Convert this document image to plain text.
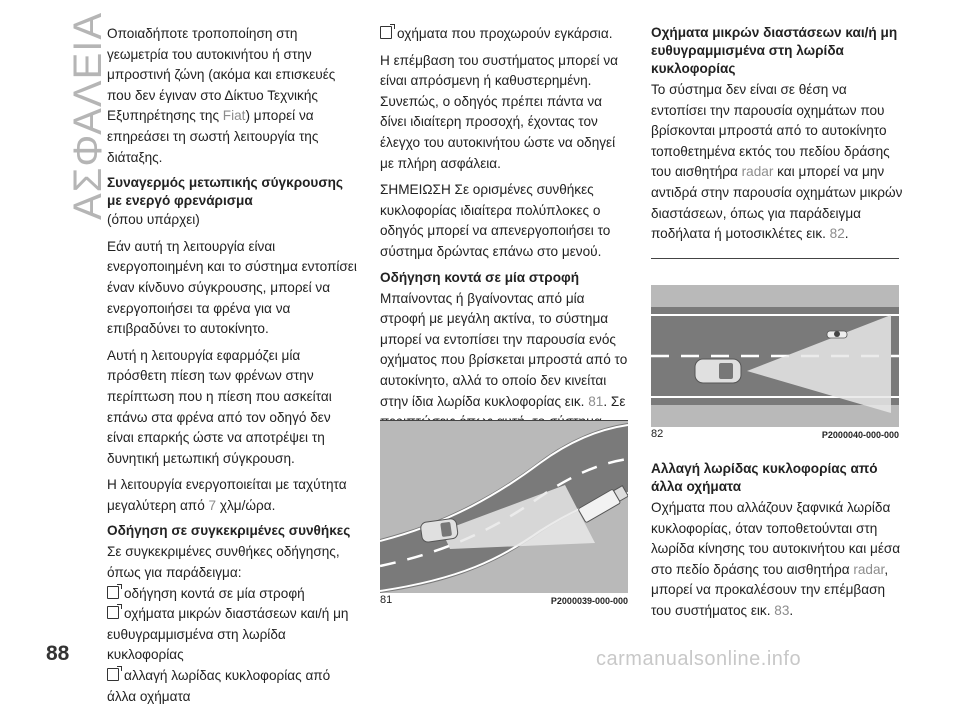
ΑΣΦΑΛΕΙΑ

Οποιαδήποτε τροποποίηση στη γεωμετρία του αυτοκινήτου ή στην μπροστινή ζώνη (ακόμα και επισκευές που δεν έγιναν στο Δίκτυο Τεχνικής Εξυπηρέτησης της Fiat) μπορεί να επηρεάσει τη σωστή λειτουργία της διάταξης.

Συναγερμός μετωπικής σύγκρουσης με ενεργό φρενάρισμα

(όπου υπάρχει)

Εάν αυτή τη λειτουργία είναι ενεργοποιημένη και το σύστημα εντοπίσει έναν κίνδυνο σύγκρουσης, μπορεί να ενεργοποιήσει τα φρένα για να επιβραδύνει το αυτοκίνητο.

Αυτή η λειτουργία εφαρμόζει μία πρόσθετη πίεση των φρένων στην περίπτωση που η πίεση που ασκείται επάνω στα φρένα από τον οδηγό δεν είναι επαρκής ώστε να αποτρέψει τη δυνητική μετωπική σύγκρουση.

Η λειτουργία ενεργοποιείται με ταχύτητα μεγαλύτερη από 7 χλμ/ώρα.

Οδήγηση σε συγκεκριμένες συνθήκες

Σε συγκεκριμένες συνθήκες οδήγησης, όπως για παράδειγμα:

οδήγηση κοντά σε μία στροφή
οχήματα μικρών διαστάσεων και/ή μη ευθυγραμμισμένα στη λωρίδα κυκλοφορίας
αλλαγή λωρίδας κυκλοφορίας από άλλα οχήματα
οχήματα που προχωρούν εγκάρσια.

Η επέμβαση του συστήματος μπορεί να είναι απρόσμενη ή καθυστερημένη. Συνεπώς, ο οδηγός πρέπει πάντα να δίνει ιδιαίτερη προσοχή, έχοντας τον έλεγχο του αυτοκινήτου ώστε να οδηγεί με πλήρη ασφάλεια.

ΣΗΜΕΙΩΣΗ Σε ορισμένες συνθήκες κυκλοφορίας ιδιαίτερα πολύπλοκες ο οδηγός μπορεί να απενεργοποιήσει το σύστημα δρώντας επάνω στο μενού.

Οδήγηση κοντά σε μία στροφή

Μπαίνοντας ή βγαίνοντας από μία στροφή με μεγάλη ακτίνα, το σύστημα μπορεί να εντοπίσει την παρουσία ενός οχήματος που βρίσκεται μπροστά από το αυτοκίνητο, αλλά το οποίο δεν κινείται στην ίδια λωρίδα κυκλοφορίας εικ. 81. Σε

81	P2000039-000-000
Οχήματα μικρών διαστάσεων και/ή μη ευθυγραμμισμένα στη λωρίδα κυκλοφορίας

Το σύστημα δεν είναι σε θέση να εντοπίσει την παρουσία οχημάτων που βρίσκονται μπροστά από το αυτοκίνητο τοποθετημένα εκτός του πεδίου δράσης του αισθητήρα radar και μπορεί να μην αντιδρά στην παρουσία οχημάτων μικρών διαστάσεων, όπως για παράδειγμα ποδήλατα ή μοτοσικλέτες εικ. 82.

82	P2000040-000-000
Αλλαγή λωρίδας κυκλοφορίας από άλλα οχήματα

Οχήματα που αλλάζουν ξαφνικά λωρίδα κυκλοφορίας, όταν τοποθετούνται στη λωρίδα κίνησης του αυτοκινήτου και μέσα στο πεδίο δράσης του αισθητήρα radar, μπορεί να προκαλέσουν την επέμβαση του συστήματος εικ. 83.

88	carmanualsonline.info
